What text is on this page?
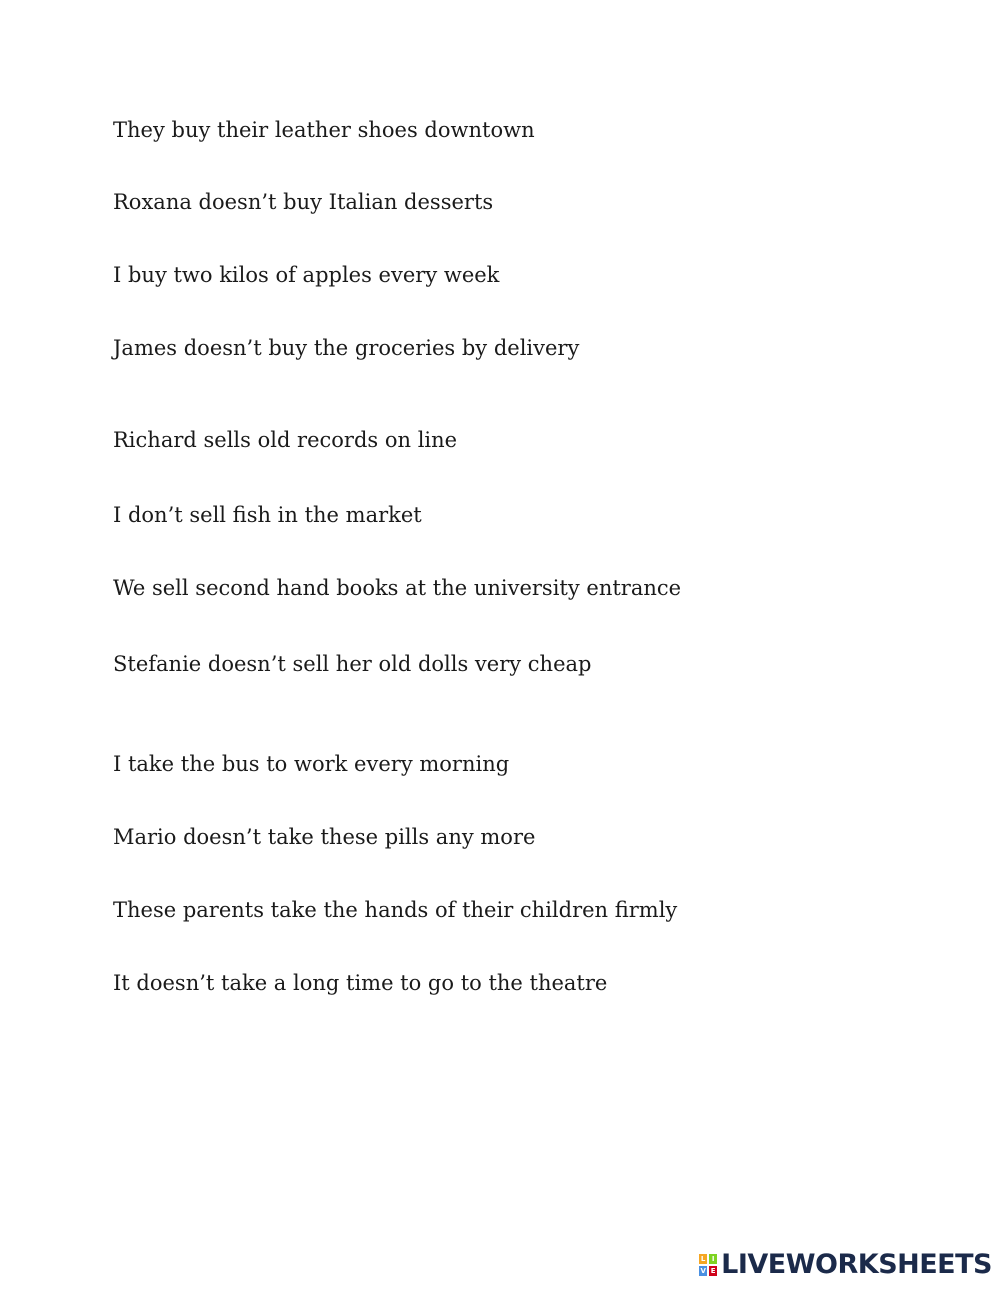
They buy their leather shoes downtown
Roxana doesn’t buy Italian desserts
I buy two kilos of apples every week
James doesn’t buy the groceries by delivery
Richard sells old records on line
I don’t sell fish in the market
We sell second hand books at the university entrance
Stefanie doesn’t sell her old dolls very cheap
I take the bus to work every morning
Mario doesn’t take these pills any more
These parents take the hands of their children firmly
It doesn’t take a long time to go to the theatre
L I
V E LIVEWORKSHEETS
